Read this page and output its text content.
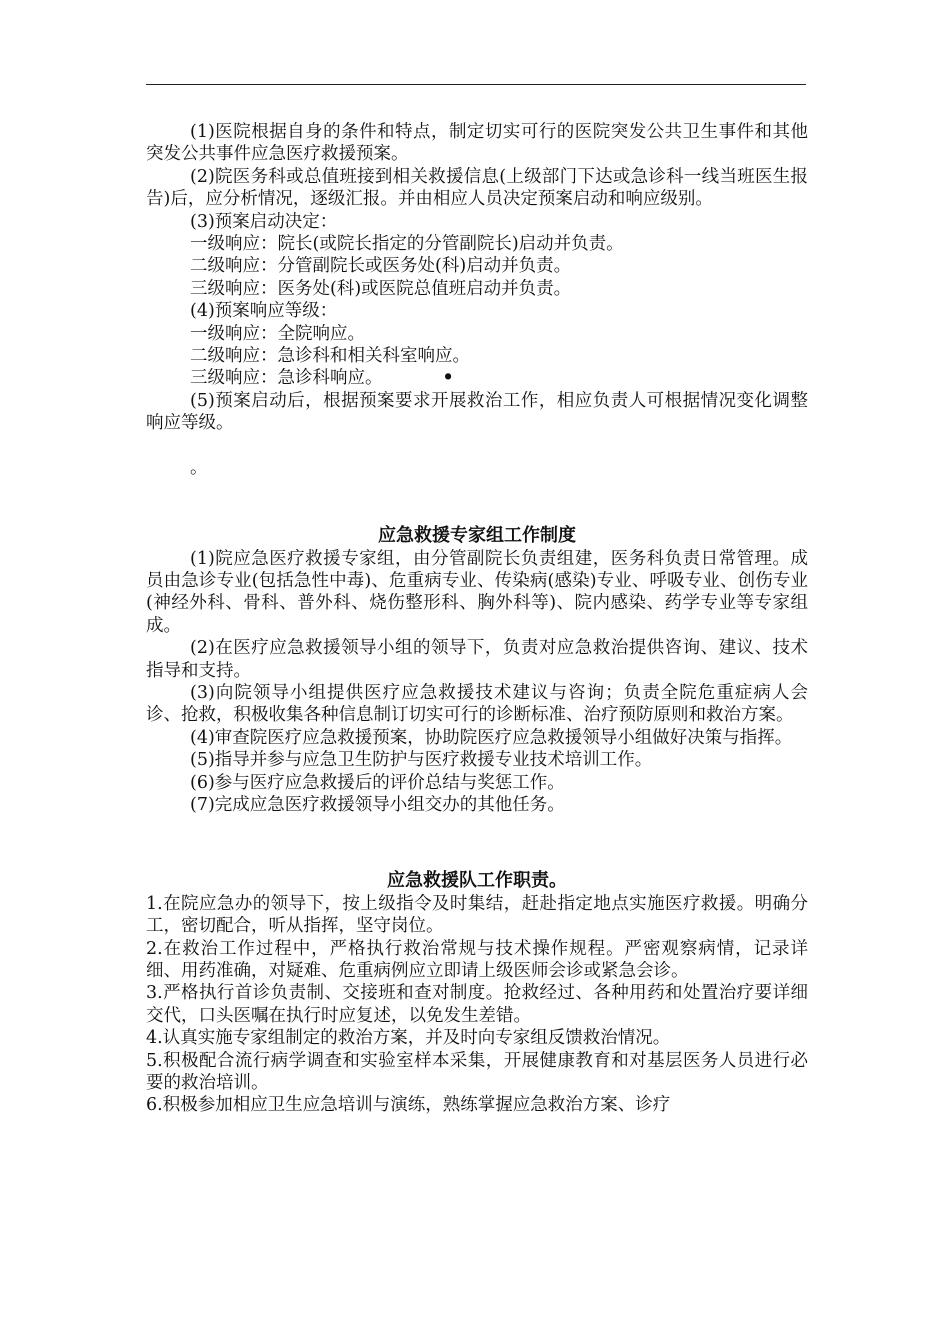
(1)医院根据自身的条件和特点，制定切实可行的医院突发公共卫生事件和其他突发公共事件应急医疗救援预案。

(2)院医务科或总值班接到相关救援信息(上级部门下达或急诊科一线当班医生报告)后，应分析情况，逐级汇报。并由相应人员决定预案启动和响应级别。

(3)预案启动决定：

一级响应：院长(或院长指定的分管副院长)启动并负责。

二级响应：分管副院长或医务处(科)启动并负责。

三级响应：医务处(科)或医院总值班启动并负责。

(4)预案响应等级：

一级响应：全院响应。

二级响应：急诊科和相关科室响应。

三级响应：急诊科响应。	•

(5)预案启动后，根据预案要求开展救治工作，相应负责人可根据情况变化调整响应等级。

。

应急救援专家组工作制度

(1)院应急医疗救援专家组，由分管副院长负责组建，医务科负责日常管理。成员由急诊专业(包括急性中毒)、危重病专业、传染病(感染)专业、呼吸专业、创伤专业(神经外科、骨科、普外科、烧伤整形科、胸外科等)、院内感染、药学专业等专家组成。

(2)在医疗应急救援领导小组的领导下，负责对应急救治提供咨询、建议、技术指导和支持。

(3)向院领导小组提供医疗应急救援技术建议与咨询；负责全院危重症病人会诊、抢救，积极收集各种信息制订切实可行的诊断标准、治疗预防原则和救治方案。

(4)审查院医疗应急救援预案，协助院医疗应急救援领导小组做好决策与指挥。

(5)指导并参与应急卫生防护与医疗救援专业技术培训工作。

(6)参与医疗应急救援后的评价总结与奖惩工作。

(7)完成应急医疗救援领导小组交办的其他任务。

应急救援队工作职责。

1.在院应急办的领导下，按上级指令及时集结，赶赴指定地点实施医疗救援。明确分工，密切配合，听从指挥，坚守岗位。

2.在救治工作过程中，严格执行救治常规与技术操作规程。严密观察病情，记录详细、用药准确，对疑难、危重病例应立即请上级医师会诊或紧急会诊。

3.严格执行首诊负责制、交接班和查对制度。抢救经过、各种用药和处置治疗要详细交代，口头医嘱在执行时应复述，以免发生差错。

4.认真实施专家组制定的救治方案，并及时向专家组反馈救治情况。

5.积极配合流行病学调查和实验室样本采集，开展健康教育和对基层医务人员进行必要的救治培训。

6.积极参加相应卫生应急培训与演练，熟练掌握应急救治方案、诊疗
